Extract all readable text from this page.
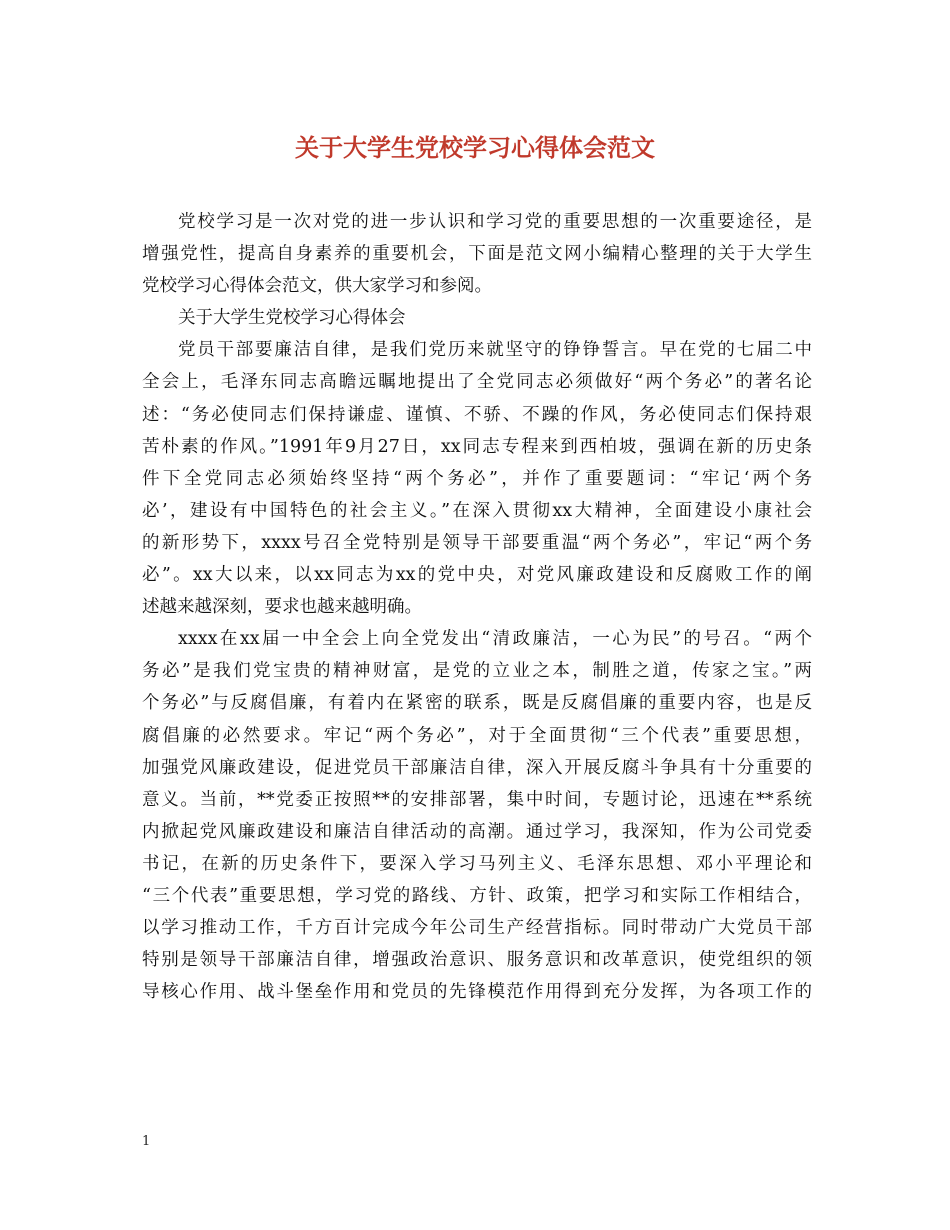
关于大学生党校学习心得体会范文
党校学习是一次对党的进一步认识和学习党的重要思想的一次重要途径，是
增强党性，提高自身素养的重要机会，下面是范文网小编精心整理的关于大学生
党校学习心得体会范文，供大家学习和参阅。
关于大学生党校学习心得体会
党员干部要廉洁自律，是我们党历来就坚守的铮铮誓言。早在党的七届二中
全会上，毛泽东同志高瞻远瞩地提出了全党同志必须做好“两个务必”的著名论
述：“务必使同志们保持谦虚、谨慎、不骄、不躁的作风，务必使同志们保持艰
苦朴素的作风。”1991年9月27日，xx同志专程来到西柏坡，强调在新的历史条
件下全党同志必须始终坚持“两个务必”，并作了重要题词：“牢记‘两个务
必’，建设有中国特色的社会主义。”在深入贯彻xx大精神，全面建设小康社会
的新形势下，xxxx号召全党特别是领导干部要重温“两个务必”，牢记“两个务
必”。xx大以来，以xx同志为xx的党中央，对党风廉政建设和反腐败工作的阐
述越来越深刻，要求也越来越明确。
xxxx在xx届一中全会上向全党发出“清政廉洁，一心为民”的号召。“两个
务必”是我们党宝贵的精神财富，是党的立业之本，制胜之道，传家之宝。”两
个务必”与反腐倡廉，有着内在紧密的联系，既是反腐倡廉的重要内容，也是反
腐倡廉的必然要求。牢记“两个务必”，对于全面贯彻“三个代表”重要思想，
加强党风廉政建设，促进党员干部廉洁自律，深入开展反腐斗争具有十分重要的
意义。当前，**党委正按照**的安排部署，集中时间，专题讨论，迅速在**系统
内掀起党风廉政建设和廉洁自律活动的高潮。通过学习，我深知，作为公司党委
书记，在新的历史条件下，要深入学习马列主义、毛泽东思想、邓小平理论和
“三个代表”重要思想，学习党的路线、方针、政策，把学习和实际工作相结合，
以学习推动工作，千方百计完成今年公司生产经营指标。同时带动广大党员干部
特别是领导干部廉洁自律，增强政治意识、服务意识和改革意识，使党组织的领
导核心作用、战斗堡垒作用和党员的先锋模范作用得到充分发挥，为各项工作的
1
